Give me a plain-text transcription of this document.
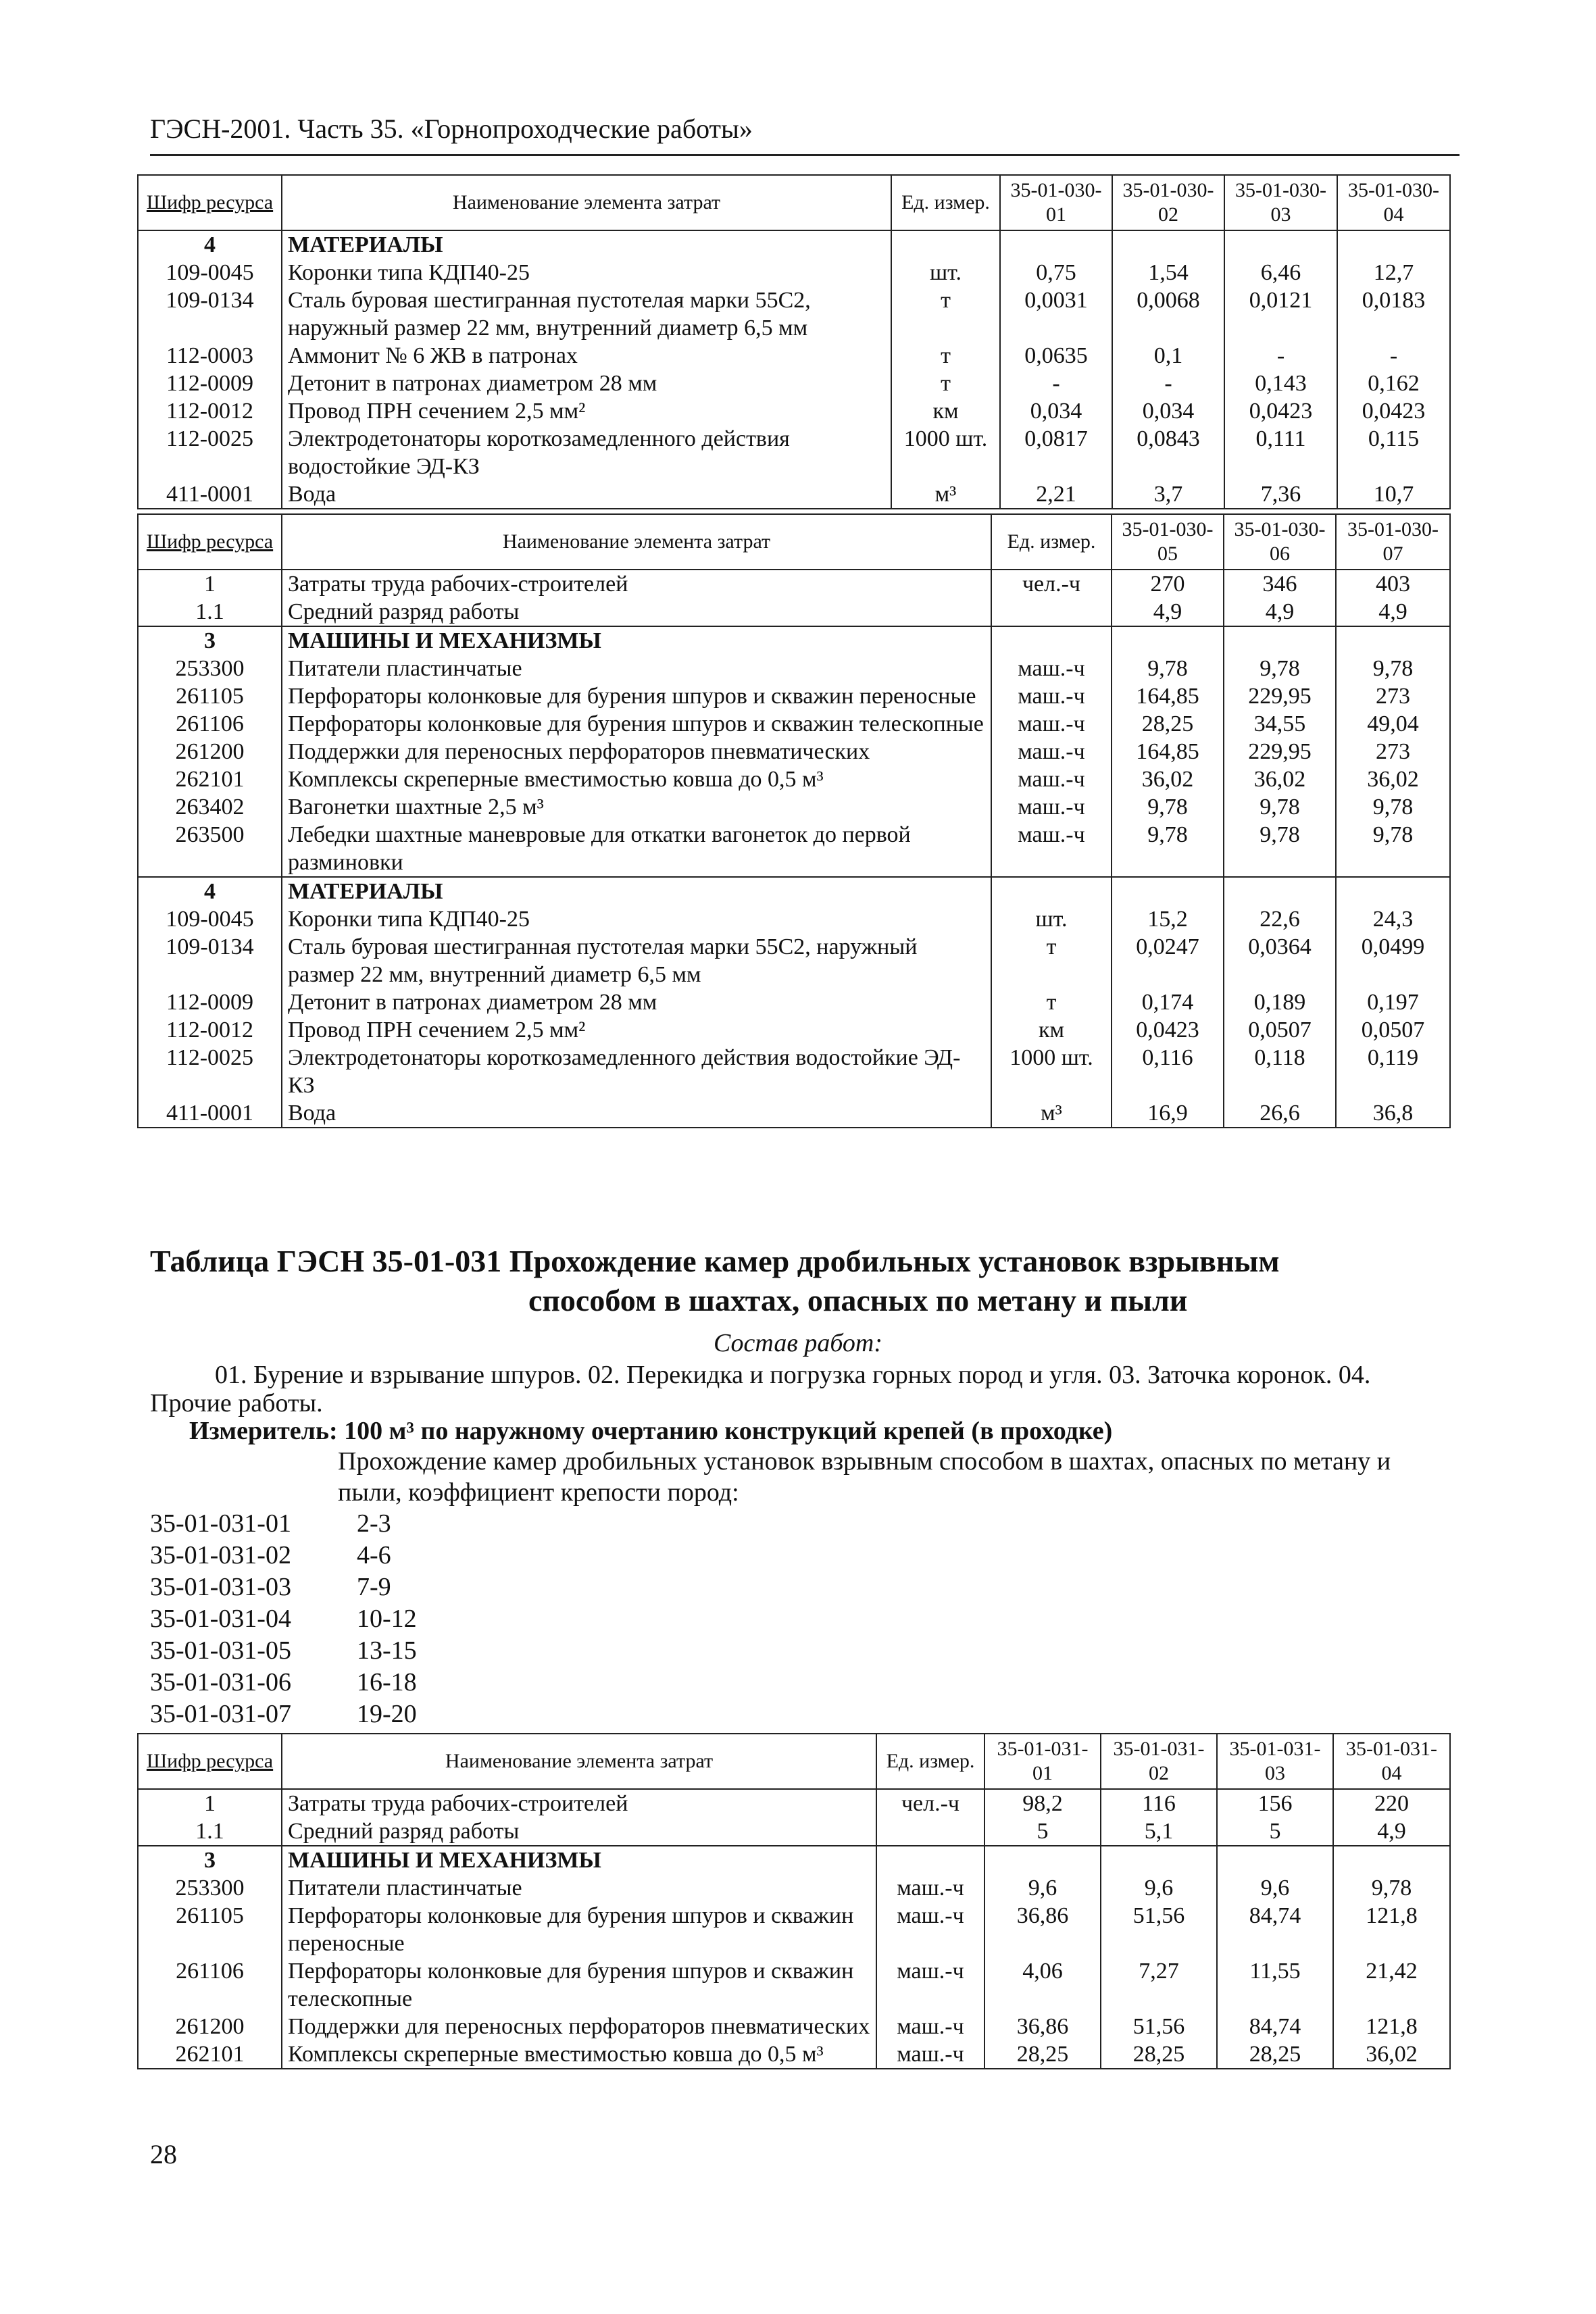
ГЭСН-2001. Часть 35. «Горнопроходческие работы»
Шифр ресурса	Наименование элемента затрат	Ед. измер.	35-01-030-01	35-01-030-02	35-01-030-03	35-01-030-04
4	МАТЕРИАЛЫ					
109-0045	Коронки типа КДП40-25	шт.	0,75	1,54	6,46	12,7
109-0134	Сталь буровая шестигранная пустотелая марки 55С2, наружный размер 22 мм, внутренний диаметр 6,5 мм	т	0,0031	0,0068	0,0121	0,0183
112-0003	Аммонит № 6 ЖВ в патронах	т	0,0635	0,1	-	-
112-0009	Детонит в патронах диаметром 28 мм	т	-	-	0,143	0,162
112-0012	Провод ПРН сечением 2,5 мм²	км	0,034	0,034	0,0423	0,0423
112-0025	Электродетонаторы короткозамедленного действия водостойкие ЭД-КЗ	1000 шт.	0,0817	0,0843	0,111	0,115
411-0001	Вода	м³	2,21	3,7	7,36	10,7
Шифр ресурса	Наименование элемента затрат	Ед. измер.	35-01-030-05	35-01-030-06	35-01-030-07
1	Затраты труда рабочих-строителей	чел.-ч	270	346	403
1.1	Средний разряд работы		4,9	4,9	4,9
3	МАШИНЫ И МЕХАНИЗМЫ				
253300	Питатели пластинчатые	маш.-ч	9,78	9,78	9,78
261105	Перфораторы колонковые для бурения шпуров и скважин переносные	маш.-ч	164,85	229,95	273
261106	Перфораторы колонковые для бурения шпуров и скважин телескопные	маш.-ч	28,25	34,55	49,04
261200	Поддержки для переносных перфораторов пневматических	маш.-ч	164,85	229,95	273
262101	Комплексы скреперные вместимостью ковша до 0,5 м³	маш.-ч	36,02	36,02	36,02
263402	Вагонетки шахтные 2,5 м³	маш.-ч	9,78	9,78	9,78
263500	Лебедки шахтные маневровые для откатки вагонеток до первой разминовки	маш.-ч	9,78	9,78	9,78
4	МАТЕРИАЛЫ				
109-0045	Коронки типа КДП40-25	шт.	15,2	22,6	24,3
109-0134	Сталь буровая шестигранная пустотелая марки 55С2, наружный размер 22 мм, внутренний диаметр 6,5 мм	т	0,0247	0,0364	0,0499
112-0009	Детонит в патронах диаметром 28 мм	т	0,174	0,189	0,197
112-0012	Провод ПРН сечением 2,5 мм²	км	0,0423	0,0507	0,0507
112-0025	Электродетонаторы короткозамедленного действия водостойкие ЭД-КЗ	1000 шт.	0,116	0,118	0,119
411-0001	Вода	м³	16,9	26,6	36,8
Таблица ГЭСН 35-01-031 Прохождение камер дробильных установок взрывным
способом в шахтах, опасных по метану и пыли
Состав работ:
01. Бурение и взрывание шпуров. 02. Перекидка и погрузка горных пород и угля. 03. Заточка коронок. 04.
Прочие работы.
Измеритель: 100 м³ по наружному очертанию конструкций крепей (в проходке)
Прохождение камер дробильных установок взрывным способом в шахтах, опасных по метану и пыли, коэффициент крепости пород:
35-01-031-01	2-3
35-01-031-02	4-6
35-01-031-03	7-9
35-01-031-04	10-12
35-01-031-05	13-15
35-01-031-06	16-18
35-01-031-07	19-20
Шифр ресурса	Наименование элемента затрат	Ед. измер.	35-01-031-01	35-01-031-02	35-01-031-03	35-01-031-04
1	Затраты труда рабочих-строителей	чел.-ч	98,2	116	156	220
1.1	Средний разряд работы		5	5,1	5	4,9
3	МАШИНЫ И МЕХАНИЗМЫ					
253300	Питатели пластинчатые	маш.-ч	9,6	9,6	9,6	9,78
261105	Перфораторы колонковые для бурения шпуров и скважин переносные	маш.-ч	36,86	51,56	84,74	121,8
261106	Перфораторы колонковые для бурения шпуров и скважин телескопные	маш.-ч	4,06	7,27	11,55	21,42
261200	Поддержки для переносных перфораторов пневматических	маш.-ч	36,86	51,56	84,74	121,8
262101	Комплексы скреперные вместимостью ковша до 0,5 м³	маш.-ч	28,25	28,25	28,25	36,02
28
